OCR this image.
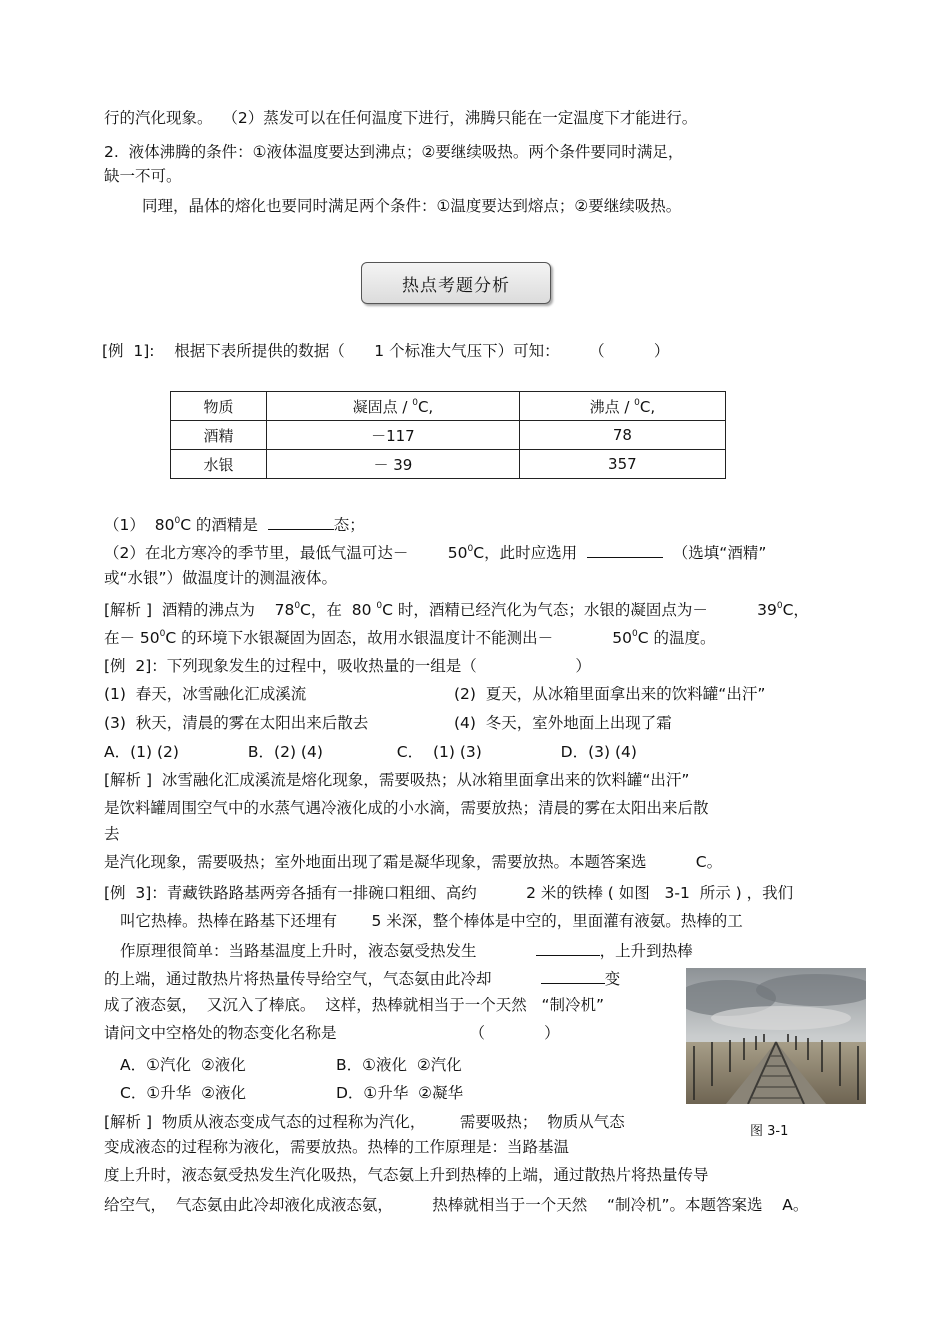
行的汽化现象。  （2）蒸发可以在任何温度下进行，沸腾只能在一定温度下才能进行。
2.  液体沸腾的条件：①液体温度要达到沸点；②要继续吸热。两个条件要同时满足，
缺一不可。
同理，晶体的熔化也要同时满足两个条件：①温度要达到熔点；②要继续吸热。
热点考题分析
[例  1]:    根据下表所提供的数据（      1 个标准大气压下）可知：      （          ）
物质	凝固点 / $^0$C,	沸点 / $^0$C,
酒精	－117	78
水银	－ 39	357
（1）  $80^0C$ 的酒精是	态；
（2）在北方寒冷的季节里，最低气温可达－        $50^0C$，此时应选用	（选填“酒精”
或“水银”）做温度计的测温液体。
[解析 ]  酒精的沸点为    $78^0C$，在  80 $^0$C 时，酒精已经汽化为气态；水银的凝固点为－          $39^0C$，
在－ $50^0C$ 的环境下水银凝固为固态，故用水银温度计不能测出－            $50^0C$ 的温度。
[例  2]：下列现象发生的过程中，吸收热量的一组是（                    ）
(1)  春天，冰雪融化汇成溪流	(2)  夏天，从冰箱里面拿出来的饮料罐“出汗”
(3)  秋天，清晨的雾在太阳出来后散去	(4)  冬天，室外地面上出现了霜
A．(1) (2)              B．(2) (4)               C．  (1) (3)                D．(3) (4)
[解析 ]  冰雪融化汇成溪流是熔化现象，需要吸热；从冰箱里面拿出来的饮料罐“出汗”
是饮料罐周围空气中的水蒸气遇冷液化成的小水滴，需要放热；清晨的雾在太阳出来后散
去
是汽化现象，需要吸热；室外地面出现了霜是凝华现象，需要放热。本题答案选          C。
[例  3]：青藏铁路路基两旁各插有一排碗口粗细、高约          2 米的铁棒 ( 如图   3-1  所示 ) ，我们
叫它热棒。热棒在路基下还埋有       5 米深，整个棒体是中空的，里面灌有液氨。热棒的工
作原理很简单：当路基温度上升时，液态氨受热发生	，上升到热棒
的上端，通过散热片将热量传导给空气，气态氨由此冷却	变
成了液态氨，  又沉入了棒底。  这样，热棒就相当于一个天然   “制冷机”
请问文中空格处的物态变化名称是                           （            ）
A．①汽化  ②液化	B．①液化  ②汽化
C．①升华  ②液化	D．①升华  ②凝华
[解析 ]  物质从液态变成气态的过程称为汽化，       需要吸热；  物质从气态
变成液态的过程称为液化，需要放热。热棒的工作原理是：当路基温
度上升时，液态氨受热发生汽化吸热，气态氨上升到热棒的上端，通过散热片将热量传导
给空气，  气态氨由此冷却液化成液态氨，        热棒就相当于一个天然    “制冷机”。本题答案选    A。
图 3-1
